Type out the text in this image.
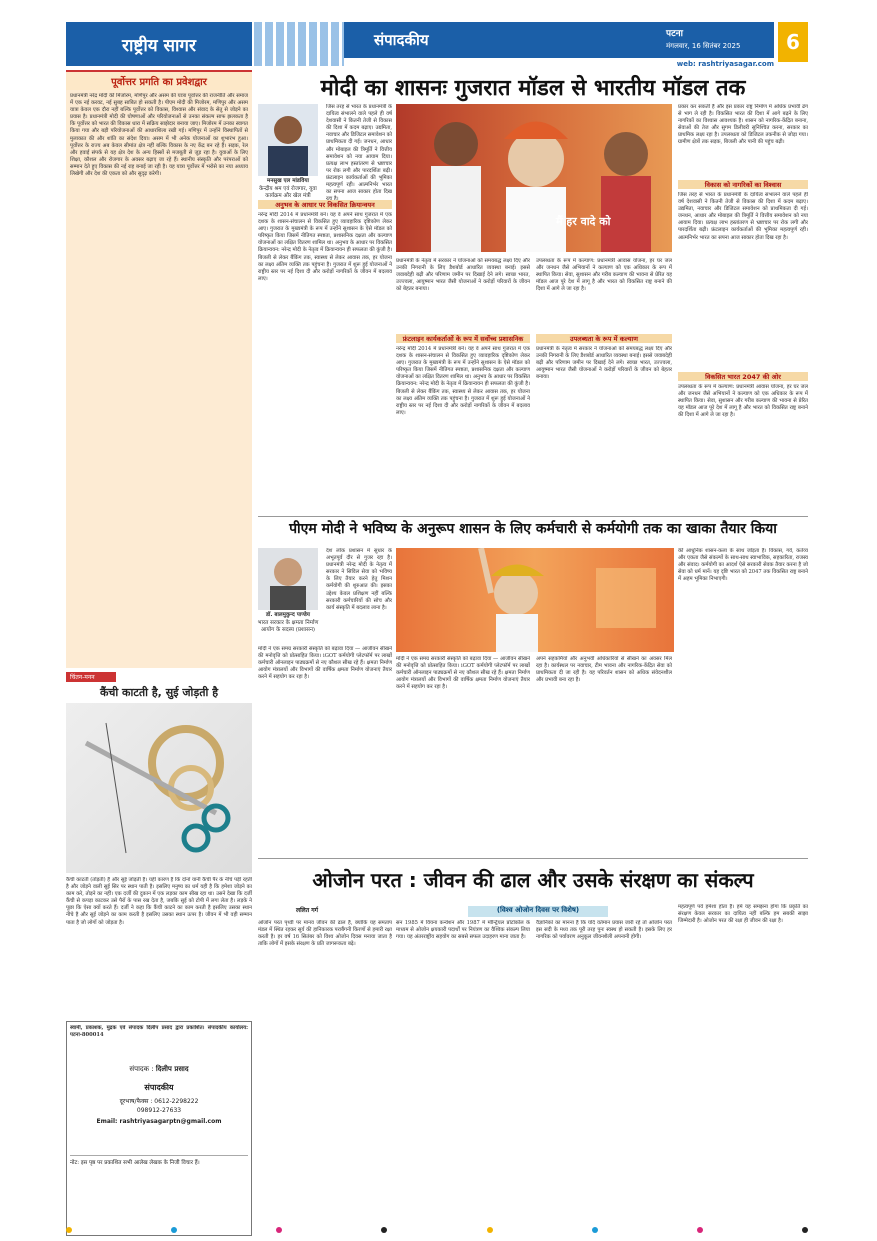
राष्ट्रीय सागर	संपादकीय	पटना
मंगलवार, 16 सितंबर 2025	6
web: rashtriyasagar.com
पूर्वोत्तर प्रगति का प्रवेशद्वार
प्रधानमंत्री नरेंद्र मोदी की मिजोरम, मणिपुर और असम की यात्रा पूर्वोत्तर की राजनीति और समाज में एक नई करवट, नई सुबह साबित हो सकती है। पीएम मोदी की मिजोरम, मणिपुर और असम यात्रा केवल एक दौरा नहीं बल्कि पूर्वोत्तर को विकास, विश्वास और संवाद के सेतु से जोड़ने का प्रयास है। प्रधानमंत्री मोदी की घोषणाओं और परियोजनाओं से उनका संकल्प साफ झलकता है कि पूर्वोत्तर को भारत की विकास धारा में सक्रिय साझेदार बनाया जाए। मिजोरम में उनका स्वागत किया गया और बड़ी परियोजनाओं की आधारशिला रखी गई। मणिपुर में उन्होंने विस्थापितों से मुलाकात की और शांति का संदेश दिया। असम में भी अनेक योजनाओं का शुभारंभ हुआ। पूर्वोत्तर के राज्य अब केवल सीमांत क्षेत्र नहीं बल्कि विकास के नए केंद्र बन रहे हैं। सड़क, रेल और हवाई संपर्क से यह क्षेत्र देश के अन्य हिस्सों से मजबूती से जुड़ रहा है। युवाओं के लिए शिक्षा, कौशल और रोजगार के अवसर बढ़ाए जा रहे हैं। स्थानीय संस्कृति और परंपराओं को सम्मान देते हुए विकास की नई राह बनाई जा रही है। यह यात्रा पूर्वोत्तर में भरोसे का नया अध्याय लिखेगी और देश की एकता को और सुदृढ़ करेगी।
चिंतन-मनन
कैंची काटती है, सुई जोड़ती है
कैंची काटती (तोड़ती) है और सुई जोड़ती है। यही कारण है कि दोनों यानी कैंची पैर के नीचे पड़ी रहती है और जोड़ने वाली सुई सिर पर स्थान पाती है। इसलिए मनुष्य का धर्म यही है कि हमेशा जोड़ने का काम करे, तोड़ने का नहीं। एक दर्जी की दुकान में एक लड़का काम सीख रहा था। उसने देखा कि दर्जी कैंची से कपड़ा काटकर उसे पैरों के पास रख देता है, जबकि सुई को टोपी में लगा लेता है। लड़के ने पूछा कि ऐसा क्यों करते हैं। दर्जी ने कहा कि कैंची काटने का काम करती है इसलिए उसका स्थान नीचे है और सुई जोड़ने का काम करती है इसलिए उसका स्थान ऊपर है। जीवन में भी वही सम्मान पाता है जो लोगों को जोड़ता है।
स्वामी, प्रकाशक, मुद्रक एवं संपादक दिलीप प्रसाद द्वारा प्रकाशित। संपादकीय कार्यालय: पटना-800014
संपादक : दिलीप प्रसाद
संपादकीय
दूरभाष/फैक्स : 0612-2298222
098912-27633
Email: rashtriyasagarptn@gmail.com
नोट: इस पृष्ठ पर प्रकाशित सभी आलेख लेखक के निजी विचार हैं।
मोदी का शासनः गुजरात मॉडल से भारतीय मॉडल तक
मनसुख एल मांडविया
केन्द्रीय श्रम एवं रोजगार, युवा कार्यक्रम और खेल मंत्री
जिस तरह से भारत के प्रधानमंत्री के दायित्व संभालने वाले पहले ही वर्ष देशवासी ने कितनी तेजी से विकास की दिशा में कदम बढ़ाए। उद्यमिता, नवाचार और डिजिटल समावेशन को प्राथमिकता दी गई। जनधन, आधार और मोबाइल की त्रिमूर्ति ने वित्तीय समावेशन को नया आयाम दिया। प्रत्यक्ष लाभ हस्तांतरण से भ्रष्टाचार पर रोक लगी और पारदर्शिता बढ़ी। फ्रंटलाइन कार्यकर्ताओं की भूमिका महत्वपूर्ण रही। आत्मनिर्भर भारत का सपना आज साकार होता दिख
नरेन्द्र मोदी 2014 में प्रधानमंत्री बने। यह वे अपने साथ गुजरात में एक दशक के शासन-संचालन से विकसित हुए व्यावहारिक दृष्टिकोण लेकर आए। गुजरात के मुख्यमंत्री के रूप में उन्होंने सुशासन के ऐसे मॉडल को परिष्कृत किया जिसमें नीतिगत स्पष्टता, प्रशासनिक दक्षता और कल्याण योजनाओं का लक्षित वितरण शामिल था। अनुभव के आधार पर विकसित क्रियान्वयन: नरेन्द्र मोदी के नेतृत्व में क्रियान्वयन ही सफलता की कुंजी है। बिजली से लेकर बैंकिंग तक, स्वास्थ्य से लेकर आवास तक, हर योजना का लक्ष्य अंतिम व्यक्ति तक पहुंचना है। गुजरात में शुरू हुई योजनाओं ने राष्ट्रीय स्तर पर नई दिशा दी और करोड़ों नागरिकों के जीवन में बदलाव लाए।
मैं हर वादे को
प्रधानमंत्री के नेतृत्व में सरकार ने योजनाओं को समयबद्ध लक्ष्य दिए और उनकी निगरानी के लिए डैशबोर्ड आधारित व्यवस्था बनाई। इससे जवाबदेही बढ़ी और परिणाम जमीन पर दिखाई देने लगे। स्वच्छ भारत, उज्ज्वला, आयुष्मान भारत जैसी योजनाओं ने करोड़ों परिवारों के जीवन को बेहतर बनाया।
फ्रंटलाइन कार्यकर्ताओं के रूप में सर्वोच्च प्रशासनिक
नरेन्द्र मोदी 2014 में प्रधानमंत्री बने। यह वे अपने साथ गुजरात में एक दशक के शासन-संचालन से विकसित हुए व्यावहारिक दृष्टिकोण लेकर आए। गुजरात के मुख्यमंत्री के रूप में उन्होंने सुशासन के ऐसे मॉडल को परिष्कृत किया जिसमें नीतिगत स्पष्टता, प्रशासनिक दक्षता और कल्याण योजनाओं का लक्षित वितरण शामिल था। अनुभव के आधार पर विकसित क्रियान्वयन: नरेन्द्र मोदी के नेतृत्व में क्रियान्वयन ही सफलता की कुंजी है। बिजली से लेकर बैंकिंग तक, स्वास्थ्य से लेकर आवास तक, हर योजना का लक्ष्य अंतिम व्यक्ति तक पहुंचना है। गुजरात में शुरू हुई योजनाओं ने राष्ट्रीय स्तर पर नई दिशा दी और करोड़ों नागरिकों के जीवन में बदलाव लाए।
उपलब्धता के रूप में कल्याण: प्रधानमंत्री आवास योजना, हर घर जल और जनधन जैसे अभियानों ने कल्याण को एक अधिकार के रूप में स्थापित किया। सेवा, सुशासन और गरीब कल्याण की भावना से प्रेरित यह मॉडल आज पूरे देश में लागू है और भारत को विकसित राष्ट्र बनाने की दिशा में आगे ले जा रहा है।
उपलब्धता के रूप में कल्याण
प्रधानमंत्री के नेतृत्व में सरकार ने योजनाओं को समयबद्ध लक्ष्य दिए और उनकी निगरानी के लिए डैशबोर्ड आधारित व्यवस्था बनाई। इससे जवाबदेही बढ़ी और परिणाम जमीन पर दिखाई देने लगे। स्वच्छ भारत, उज्ज्वला, आयुष्मान भारत जैसी योजनाओं ने करोड़ों परिवारों के जीवन को बेहतर बनाया।
प्रकार कर सकती है और इस प्रकार राष्ट्र निर्माण में अधिक प्रभावी ढंग से भाग ले रही है। विकसित भारत की दिशा में आगे बढ़ने के लिए नागरिकों का विश्वास आवश्यक है। शासन को नागरिक-केंद्रित बनाना, सेवाओं की तेज और सुगम डिलीवरी सुनिश्चित करना, सरकार का प्राथमिक लक्ष्य रहा है। उपलब्धता को डिजिटल तकनीक से जोड़ा गया। ग्रामीण क्षेत्रों तक सड़क, बिजली और पानी की पहुंच बढ़ी।
विकास को नागरिकों का विश्वास
जिस तरह से भारत के प्रधानमंत्री के दायित्व संभालने वाले पहले ही वर्ष देशवासी ने कितनी तेजी से विकास की दिशा में कदम बढ़ाए। उद्यमिता, नवाचार और डिजिटल समावेशन को प्राथमिकता दी गई। जनधन, आधार और मोबाइल की त्रिमूर्ति ने वित्तीय समावेशन को नया आयाम दिया। प्रत्यक्ष लाभ हस्तांतरण से भ्रष्टाचार पर रोक लगी और पारदर्शिता बढ़ी। फ्रंटलाइन कार्यकर्ताओं की भूमिका महत्वपूर्ण रही। आत्मनिर्भर भारत का सपना आज साकार होता दिख रहा है।
विकसित भारत 2047 की ओर
उपलब्धता के रूप में कल्याण: प्रधानमंत्री आवास योजना, हर घर जल और जनधन जैसे अभियानों ने कल्याण को एक अधिकार के रूप में स्थापित किया। सेवा, सुशासन और गरीब कल्याण की भावना से प्रेरित यह मॉडल आज पूरे देश में लागू है और भारत को विकसित राष्ट्र बनाने की दिशा में आगे ले जा रहा है।
अनुभव के आधार पर विकसित क्रियान्वयन
पीएम मोदी ने भविष्य के अनुरूप शासन के लिए कर्मचारी से कर्मयोगी तक का खाका तैयार किया
डॉ. बालमुकुन्द पाण्डेय
भारत सरकार के क्षमता निर्माण आयोग के सदस्य (प्रशासन)
देश लोक प्रशासन में सुधार के अभूतपूर्व दौर से गुजर रहा है। प्रधानमंत्री नरेन्द्र मोदी के नेतृत्व में सरकार ने सिविल सेवा को भविष्य के लिए तैयार करने हेतु मिशन कर्मयोगी की शुरुआत की। इसका उद्देश्य केवल प्रशिक्षण नहीं बल्कि सरकारी कर्मचारियों की सोच और कार्य संस्कृति में बदलाव लाना है।
मोदी ने एक समग्र सरकारी संस्कृति को बढ़ावा दिया — आजीवन सीखने की मनोवृत्ति को प्रोत्साहित किया। iGOT कर्मयोगी प्लेटफॉर्म पर लाखों कर्मचारी ऑनलाइन पाठ्यक्रमों से नए कौशल सीख रहे हैं। क्षमता निर्माण आयोग मंत्रालयों और विभागों की वार्षिक क्षमता निर्माण योजनाएं तैयार करने में सहयोग कर रहा है।
मोदी ने एक समग्र सरकारी संस्कृति को बढ़ावा दिया — आजीवन सीखने की मनोवृत्ति को प्रोत्साहित किया। iGOT कर्मयोगी प्लेटफॉर्म पर लाखों कर्मचारी ऑनलाइन पाठ्यक्रमों से नए कौशल सीख रहे हैं। क्षमता निर्माण आयोग मंत्रालयों और विभागों की वार्षिक क्षमता निर्माण योजनाएं तैयार करने में सहयोग कर रहा है।
अपने सहकर्मियों और अनुभवी अधिकारियों से सीखने का अवसर मिल रहा है। कार्यस्थल पर नवाचार, टीम भावना और नागरिक-केंद्रित सेवा को प्राथमिकता दी जा रही है। यह परिवर्तन शासन को अधिक संवेदनशील और प्रभावी बना रहा है।
की आधुनिक शासन-कला के साथ जोड़ता है। विकास, गर्व, कर्तव्य और एकता जैसे संकल्पों के साथ-साथ स्वाभाविक, सहकारिता, राजस्व और संवाद। कर्मयोगी का आदर्श ऐसे सरकारी सेवक तैयार करना है जो सेवा को धर्म मानें। यह दृष्टि भारत को 2047 तक विकसित राष्ट्र बनाने में अहम भूमिका निभाएगी।
ओजोन परत : जीवन की ढाल और उसके संरक्षण का संकल्प
ललित गर्ग	(विश्व ओजोन दिवस पर विशेष)
ओजोन परत पृथ्वी पर मानव जीवन की ढाल है, क्योंकि यह समताप मंडल में स्थित रहकर सूर्य की हानिकारक पराबैंगनी किरणों से हमारी रक्षा करती है। हर वर्ष 16 सितंबर को विश्व ओजोन दिवस मनाया जाता है ताकि लोगों में इसके संरक्षण के प्रति जागरूकता बढ़े।
सन 1985 में वियना कन्वेंशन और 1987 में मॉन्ट्रियल प्रोटोकॉल के माध्यम से ओजोन क्षयकारी पदार्थों पर नियंत्रण का वैश्विक संकल्प लिया गया। यह अंतरराष्ट्रीय सहयोग का सबसे सफल उदाहरण माना जाता है।
वैज्ञानिकों का मानना है कि यदि वर्तमान प्रयास जारी रहे तो ओजोन परत इस सदी के मध्य तक पूरी तरह पुनः स्वस्थ हो सकती है। इसके लिए हर नागरिक को पर्यावरण अनुकूल जीवनशैली अपनानी होगी।
महत्वपूर्ण पर्व हमेशा होता है। हमें यह समझना होगा कि प्रकृति का संरक्षण केवल सरकार का दायित्व नहीं बल्कि हम सबकी साझा जिम्मेदारी है। ओजोन परत की रक्षा ही जीवन की रक्षा है।
